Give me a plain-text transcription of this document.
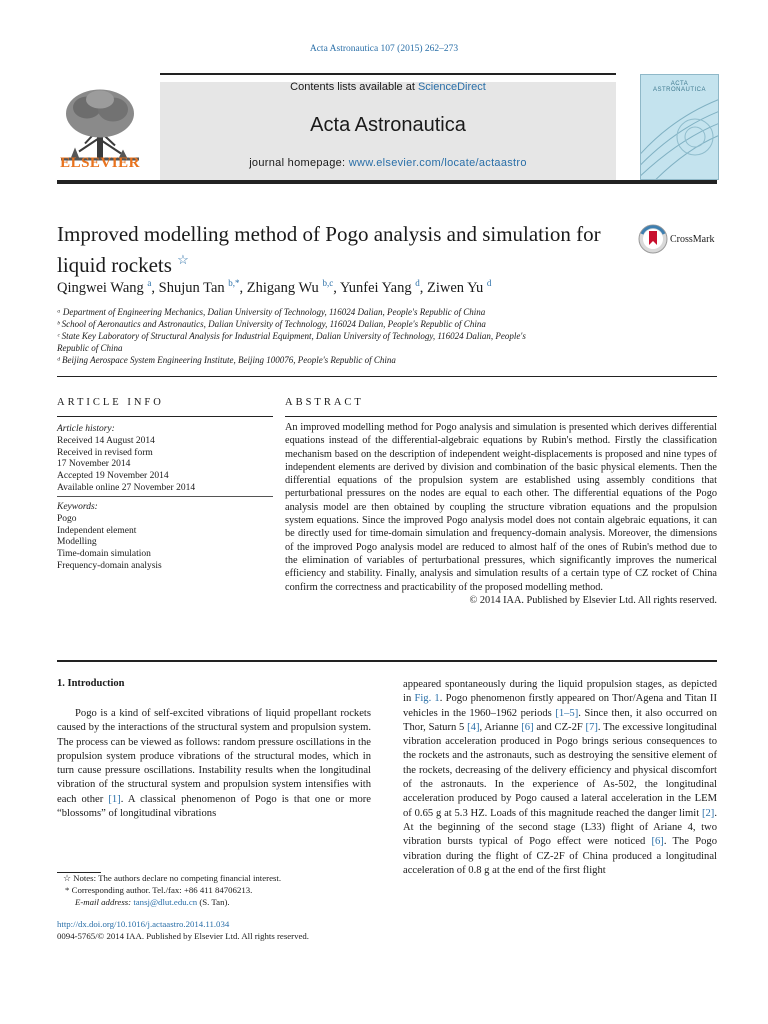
Acta Astronautica 107 (2015) 262–273
ELSEVIER
Contents lists available at ScienceDirect
Acta Astronautica
journal homepage: www.elsevier.com/locate/actaastro
ACTA ASTRONAUTICA
Improved modelling method of Pogo analysis and simulation for liquid rockets ☆
CrossMark
Qingwei Wang $^a$, Shujun Tan $^{b,*}$, Zhigang Wu $^{b,c}$, Yunfei Yang $^d$, Ziwen Yu $^d$
ᵃ Department of Engineering Mechanics, Dalian University of Technology, 116024 Dalian, People's Republic of China
ᵇ School of Aeronautics and Astronautics, Dalian University of Technology, 116024 Dalian, People's Republic of China
ᶜ State Key Laboratory of Structural Analysis for Industrial Equipment, Dalian University of Technology, 116024 Dalian, People's Republic of China
ᵈ Beijing Aerospace System Engineering Institute, Beijing 100076, People's Republic of China
ARTICLE INFO	ABSTRACT
Article history:
Received 14 August 2014
Received in revised form
17 November 2014
Accepted 19 November 2014
Available online 27 November 2014
Keywords:
Pogo
Independent element
Modelling
Time-domain simulation
Frequency-domain analysis
An improved modelling method for Pogo analysis and simulation is presented which derives differential equations instead of the differential-algebraic equations by Rubin's method. Firstly the classification mechanism based on the description of independent weight-displacements is proposed and nine types of independent elements are derived by division and combination of the basic physical elements. Then the differential equations of the propulsion system are established using assembly conditions that perturbational pressures on the nodes are equal to each other. The differential equations of the Pogo analysis model are then obtained by coupling the structure vibration equations and the propulsion system equations. Since the improved Pogo analysis model does not contain algebraic equations, it can be directly used for time-domain simulation and frequency-domain analysis. Moreover, the dimensions of the improved Pogo analysis model are reduced to almost half of the ones of Rubin's method due to the elimination of variables of perturbational pressures, which significantly improves the numerical efficiency and stability. Finally, analysis and simulation results of a certain type of CZ rocket of China confirm the correctness and practicability of the proposed modelling method.
© 2014 IAA. Published by Elsevier Ltd. All rights reserved.
1. Introduction

Pogo is a kind of self-excited vibrations of liquid propellant rockets caused by the interactions of the structural system and propulsion system. The process can be viewed as follows: random pressure oscillations in the propulsion system produce vibrations of the structural modes, which in turn cause pressure oscillations. Instability results when the longitudinal vibration of the structural system and propulsion system intensifies with each other [1]. A classical phenomenon of Pogo is that one or more “blossoms” of longitudinal vibrations

appeared spontaneously during the liquid propulsion stages, as depicted in Fig. 1. Pogo phenomenon firstly appeared on Thor/Agena and Titan II vehicles in the 1960–1962 periods [1–5]. Since then, it also occurred on Thor, Saturn 5 [4], Arianne [6] and CZ-2F [7]. The excessive longitudinal vibration acceleration produced in Pogo brings serious consequences to the rockets and the astronauts, such as destroying the sensitive element of the rockets, decreasing of the delivery efficiency and physical discomfort of the astronauts. In the experience of As-502, the longitudinal acceleration produced by Pogo caused a lateral acceleration in the LEM of 0.65 g at 5.3 HZ. Loads of this magnitude reached the danger limit [2]. At the beginning of the second stage (L33) flight of Ariane 4, two vibration bursts typical of Pogo effect were noticed [6]. The Pogo vibration during the flight of CZ-2F of China produced a longitudinal acceleration of 0.8 g at the end of the first flight

☆ Notes: The authors declare no competing financial interest.
* Corresponding author. Tel./fax: +86 411 84706213.
E-mail address: tansj@dlut.edu.cn (S. Tan).
http://dx.doi.org/10.1016/j.actaastro.2014.11.034
0094-5765/© 2014 IAA. Published by Elsevier Ltd. All rights reserved.
